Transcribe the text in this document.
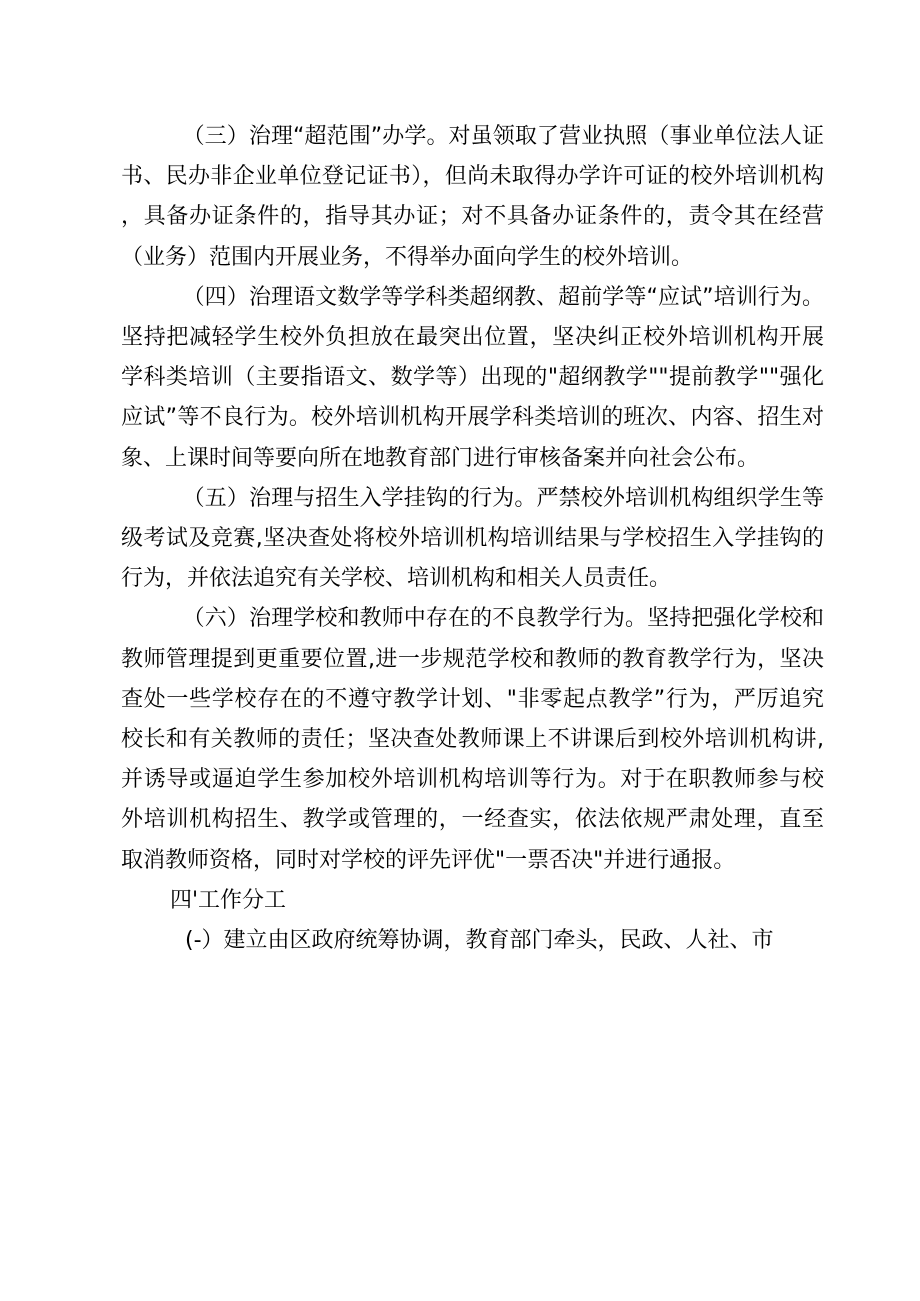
（三）治理“超范围”办学。对虽领取了营业执照（事业单位法人证书、民办非企业单位登记证书），但尚未取得办学许可证的校外培训机构，具备办证条件的，指导其办证；对不具备办证条件的，责令其在经营（业务）范围内开展业务，不得举办面向学生的校外培训。

（四）治理语文数学等学科类超纲教、超前学等“应试”培训行为。坚持把减轻学生校外负担放在最突出位置，坚决纠正校外培训机构开展学科类培训（主要指语文、数学等）出现的"超纲教学""提前教学""强化应试”等不良行为。校外培训机构开展学科类培训的班次、内容、招生对象、上课时间等要向所在地教育部门进行审核备案并向社会公布。

（五）治理与招生入学挂钩的行为。严禁校外培训机构组织学生等级考试及竞赛,坚决查处将校外培训机构培训结果与学校招生入学挂钩的行为，并依法追究有关学校、培训机构和相关人员责任。

（六）治理学校和教师中存在的不良教学行为。坚持把强化学校和教师管理提到更重要位置,进一步规范学校和教师的教育教学行为，坚决查处一些学校存在的不遵守教学计划、"非零起点教学”行为，严厉追究校长和有关教师的责任；坚决查处教师课上不讲课后到校外培训机构讲,并诱导或逼迫学生参加校外培训机构培训等行为。对于在职教师参与校外培训机构招生、教学或管理的，一经查实，依法依规严肃处理，直至取消教师资格，同时对学校的评先评优"一票否决"并进行通报。

四'工作分工

(-）建立由区政府统筹协调，教育部门牵头，民政、人社、市
